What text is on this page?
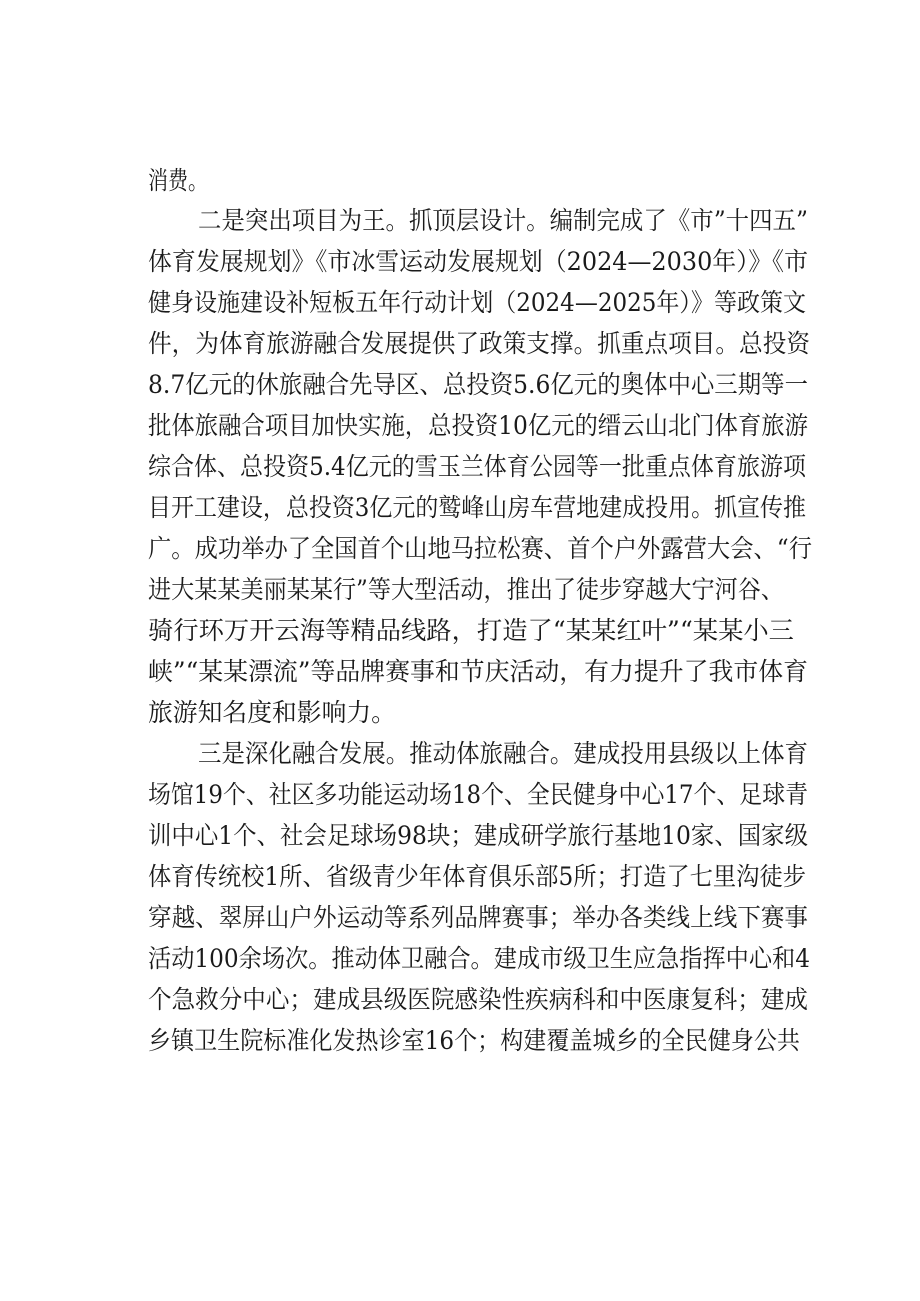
消费。
二是突出项目为王。抓顶层设计。编制完成了《市”十四五”
体育发展规划》《市冰雪运动发展规划（2024—2030年）》《市
健身设施建设补短板五年行动计划（2024—2025年）》等政策文
件，为体育旅游融合发展提供了政策支撑。抓重点项目。总投资
8.7亿元的休旅融合先导区、总投资5.6亿元的奥体中心三期等一
批体旅融合项目加快实施，总投资10亿元的缙云山北门体育旅游
综合体、总投资5.4亿元的雪玉兰体育公园等一批重点体育旅游项
目开工建设，总投资3亿元的鹫峰山房车营地建成投用。抓宣传推
广。成功举办了全国首个山地马拉松赛、首个户外露营大会、“行
进大某某美丽某某行”等大型活动，推出了徒步穿越大宁河谷、
骑行环万开云海等精品线路，打造了“某某红叶”“某某小三
峡”“某某漂流”等品牌赛事和节庆活动，有力提升了我市体育
旅游知名度和影响力。
三是深化融合发展。推动体旅融合。建成投用县级以上体育
场馆19个、社区多功能运动场18个、全民健身中心17个、足球青
训中心1个、社会足球场98块；建成研学旅行基地10家、国家级
体育传统校1所、省级青少年体育俱乐部5所；打造了七里沟徒步
穿越、翠屏山户外运动等系列品牌赛事；举办各类线上线下赛事
活动100余场次。推动体卫融合。建成市级卫生应急指挥中心和4
个急救分中心；建成县级医院感染性疾病科和中医康复科；建成
乡镇卫生院标准化发热诊室16个；构建覆盖城乡的全民健身公共
